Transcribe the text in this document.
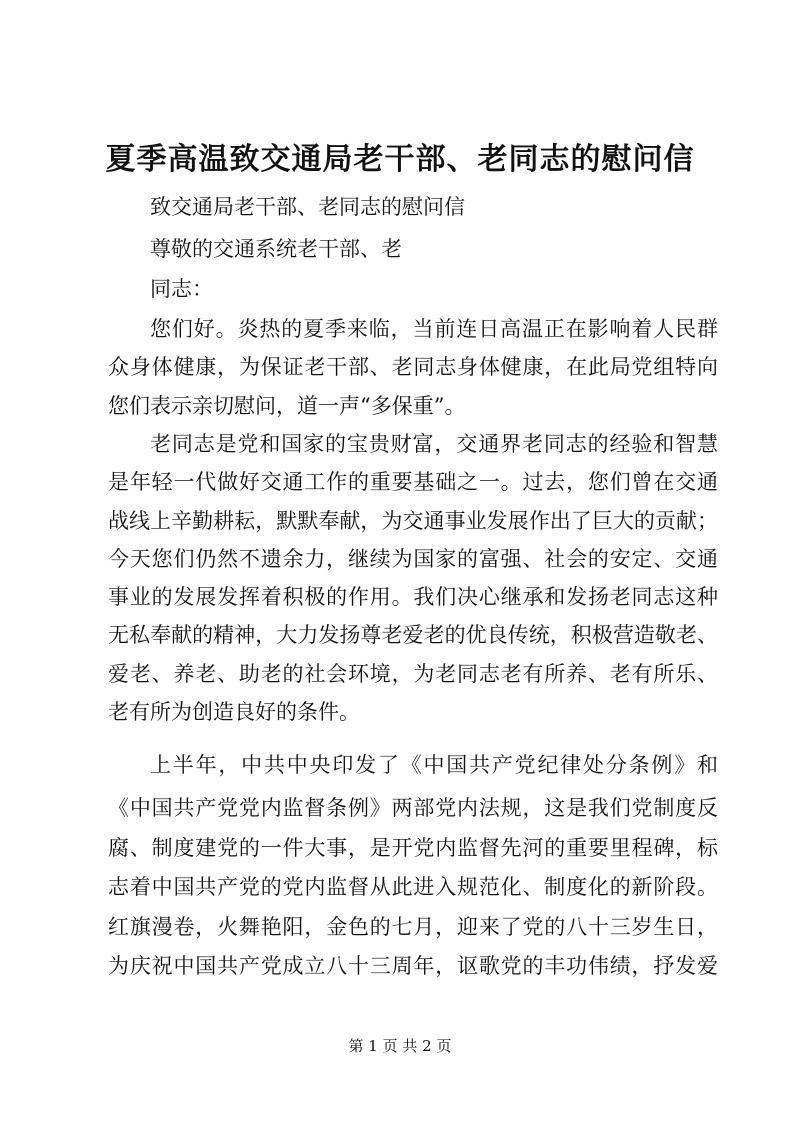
夏季高温致交通局老干部、老同志的慰问信
致交通局老干部、老同志的慰问信
尊敬的交通系统老干部、老
同志：
您们好。炎热的夏季来临，当前连日高温正在影响着人民群
众身体健康，为保证老干部、老同志身体健康，在此局党组特向
您们表示亲切慰问，道一声“多保重”。
老同志是党和国家的宝贵财富，交通界老同志的经验和智慧
是年轻一代做好交通工作的重要基础之一。过去，您们曾在交通
战线上辛勤耕耘，默默奉献，为交通事业发展作出了巨大的贡献；
今天您们仍然不遗余力，继续为国家的富强、社会的安定、交通
事业的发展发挥着积极的作用。我们决心继承和发扬老同志这种
无私奉献的精神，大力发扬尊老爱老的优良传统，积极营造敬老、
爱老、养老、助老的社会环境，为老同志老有所养、老有所乐、
老有所为创造良好的条件。
上半年，中共中央印发了《中国共产党纪律处分条例》和
《中国共产党党内监督条例》两部党内法规，这是我们党制度反
腐、制度建党的一件大事，是开党内监督先河的重要里程碑，标
志着中国共产党的党内监督从此进入规范化、制度化的新阶段。
红旗漫卷，火舞艳阳，金色的七月，迎来了党的八十三岁生日，
为庆祝中国共产党成立八十三周年，讴歌党的丰功伟绩，抒发爱
第 1 页 共 2 页
